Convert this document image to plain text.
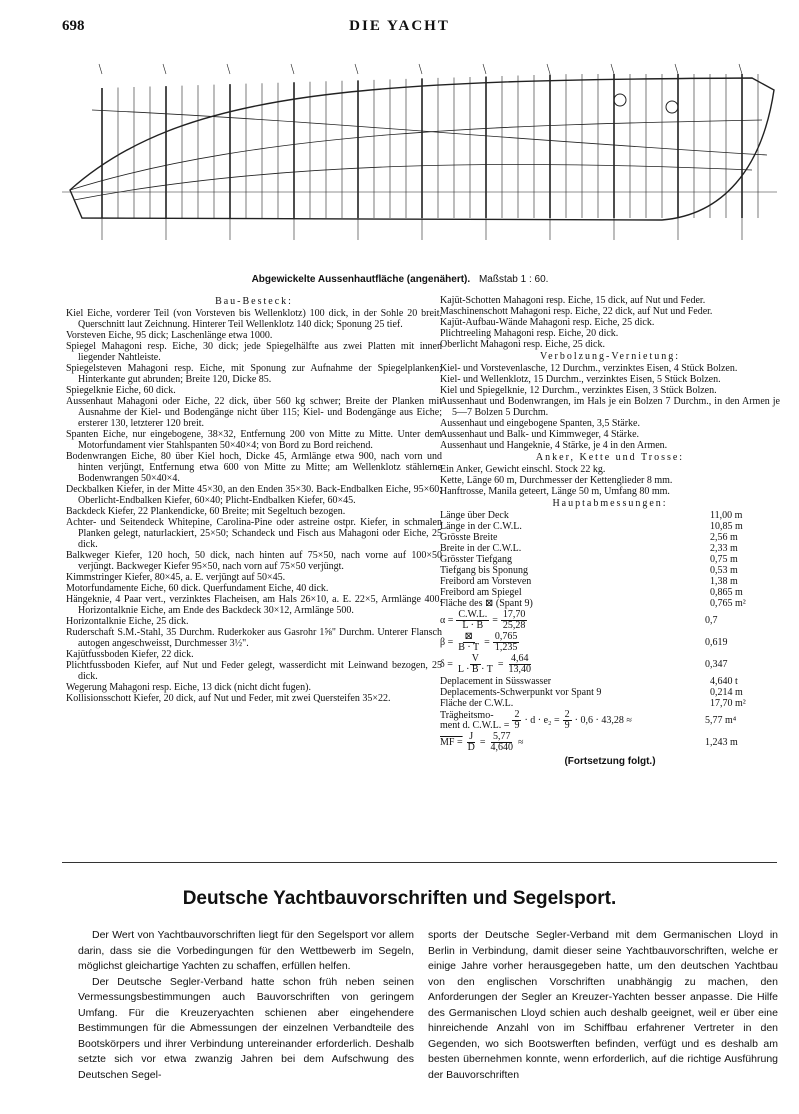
698	DIE YACHT
Abgewickelte Aussenhautfläche (angenähert). Maßstab 1 : 60.
Bau-Besteck:
Kiel Eiche, vorderer Teil (von Vorsteven bis Wellenklotz) 100 dick, in der Sohle 20 breit. Querschnitt laut Zeichnung. Hinterer Teil Wellenklotz 140 dick; Sponung 25 tief.
Vorsteven Eiche, 95 dick; Laschenlänge etwa 1000.
Spiegel Mahagoni resp. Eiche, 30 dick; jede Spiegelhälfte aus zwei Platten mit innen liegender Nahtleiste.
Spiegelsteven Mahagoni resp. Eiche, mit Sponung zur Aufnahme der Spiegelplanken; Hinterkante gut abrunden; Breite 120, Dicke 85.
Spiegelknie Eiche, 60 dick.
Aussenhaut Mahagoni oder Eiche, 22 dick, über 560 kg schwer; Breite der Planken mit Ausnahme der Kiel- und Bodengänge nicht über 115; Kiel- und Bodengänge aus Eiche; ersterer 130, letzterer 120 breit.
Spanten Eiche, nur eingebogene, 38×32, Entfernung 200 von Mitte zu Mitte. Unter dem Motorfundament vier Stahlspanten 50×40×4; von Bord zu Bord reichend.
Bodenwrangen Eiche, 80 über Kiel hoch, Dicke 45, Armlänge etwa 900, nach vorn und hinten verjüngt, Entfernung etwa 600 von Mitte zu Mitte; am Wellenklotz stählerne Bodenwrangen 50×40×4.
Deckbalken Kiefer, in der Mitte 45×30, an den Enden 35×30. Back-Endbalken Eiche, 95×60; Oberlicht-Endbalken Kiefer, 60×40; Plicht-Endbalken Kiefer, 60×45.
Backdeck Kiefer, 22 Plankendicke, 60 Breite; mit Segeltuch bezogen.
Achter- und Seitendeck Whitepine, Carolina-Pine oder astreine ostpr. Kiefer, in schmalen Planken gelegt, naturlackiert, 25×50; Schandeck und Fisch aus Mahagoni oder Eiche, 25 dick.
Balkweger Kiefer, 120 hoch, 50 dick, nach hinten auf 75×50, nach vorne auf 100×50 verjüngt. Backweger Kiefer 95×50, nach vorn auf 75×50 verjüngt.
Kimmstringer Kiefer, 80×45, a. E. verjüngt auf 50×45.
Motorfundamente Eiche, 60 dick. Querfundament Eiche, 40 dick.
Hängeknie, 4 Paar vert., verzinktes Flacheisen, am Hals 26×10, a. E. 22×5, Armlänge 400. Horizontalknie Eiche, am Ende des Backdeck 30×12, Armlänge 500.
Horizontalknie Eiche, 25 dick.
Ruderschaft S.M.-Stahl, 35 Durchm. Ruderkoker aus Gasrohr 1⅝" Durchm. Unterer Flansch autogen angeschweisst, Durchmesser 3½".
Kajütfussboden Kiefer, 22 dick.
Plichtfussboden Kiefer, auf Nut und Feder gelegt, wasserdicht mit Leinwand bezogen, 25 dick.
Wegerung Mahagoni resp. Eiche, 13 dick (nicht dicht fugen).
Kollisionsschott Kiefer, 20 dick, auf Nut und Feder, mit zwei Quersteifen 35×22.
Kajüt-Schotten Mahagoni resp. Eiche, 15 dick, auf Nut und Feder.
Maschinenschott Mahagoni resp. Eiche, 22 dick, auf Nut und Feder.
Kajüt-Aufbau-Wände Mahagoni resp. Eiche, 25 dick.
Plichtreeling Mahagoni resp. Eiche, 20 dick.
Oberlicht Mahagoni resp. Eiche, 25 dick.
Verbolzung-Vernietung:
Kiel- und Vorstevenlasche, 12 Durchm., verzinktes Eisen, 4 Stück Bolzen.
Kiel- und Wellenklotz, 15 Durchm., verzinktes Eisen, 5 Stück Bolzen.
Kiel und Spiegelknie, 12 Durchm., verzinktes Eisen, 3 Stück Bolzen.
Aussenhaut und Bodenwrangen, im Hals je ein Bolzen 7 Durchm., in den Armen je 5—7 Bolzen 5 Durchm.
Aussenhaut und eingebogene Spanten, 3,5 Stärke.
Aussenhaut und Balk- und Kimmweger, 4 Stärke.
Aussenhaut und Hangeknie, 4 Stärke, je 4 in den Armen.
Anker, Kette und Trosse:
Ein Anker, Gewicht einschl. Stock 22 kg.
Kette, Länge 60 m, Durchmesser der Kettenglieder 8 mm.
Hanftrosse, Manila geteert, Länge 50 m, Umfang 80 mm.
Hauptabmessungen:
Länge über Deck	11,00 m
Länge in der C.W.L.	10,85 m
Grösste Breite	2,56 m
Breite in der C.W.L.	2,33 m
Grösster Tiefgang	0,75 m
Tiefgang bis Sponung	0,53 m
Freibord am Vorsteven	1,38 m
Freibord am Spiegel	0,865 m
Fläche des ⊠ (Spant 9)	0,765 m²
$\alpha = \frac{C.W.L.}{L \cdot B} = \frac{17,70}{25,28}$	0,7
$\beta = \frac{⊠}{B \cdot T} = \frac{0,765}{1,235}$	0,619
$\delta = \frac{V}{L \cdot B \cdot T} = \frac{4,64}{13,40}$	0,347
Deplacement in Süsswasser	4,640 t
Deplacements-Schwerpunkt vor Spant 9	0,214 m
Fläche der C.W.L.	17,70 m²
Trägheitsmo-
ment d. C.W.L. = $\frac{2}{9} \cdot d \cdot e_2 = \frac{2}{9} \cdot 0,6 \cdot 43,28$ ≈	5,77 m⁴
MF = $\frac{J}{D} = \frac{5,77}{4,640}$ ≈	1,243 m
(Fortsetzung folgt.)
Deutsche Yachtbauvorschriften und Segelsport.

Der Wert von Yachtbauvorschriften liegt für den Segelsport vor allem darin, dass sie die Vorbedingungen für den Wettbewerb im Segeln, möglichst gleichartige Yachten zu schaffen, erfüllen helfen.

Der Deutsche Segler-Verband hatte schon früh neben seinen Vermessungsbestimmungen auch Bauvorschriften von geringem Umfang. Für die Kreuzeryachten schienen aber eingehendere Bestimmungen für die Abmessungen der einzelnen Verbandteile des Bootskörpers und ihrer Verbindung untereinander erforderlich. Deshalb setzte sich vor etwa zwanzig Jahren bei dem Aufschwung des Deutschen Segel-

sports der Deutsche Segler-Verband mit dem Germanischen Lloyd in Berlin in Verbindung, damit dieser seine Yachtbauvorschriften, welche er einige Jahre vorher herausgegeben hatte, um den deutschen Yachtbau von den englischen Vorschriften unabhängig zu machen, den Anforderungen der Segler an Kreuzer-Yachten besser anpasse. Die Hilfe des Germanischen Lloyd schien auch deshalb geeignet, weil er über eine hinreichende Anzahl von im Schiffbau erfahrener Vertreter in den Gegenden, wo sich Bootswerften befinden, verfügt und es deshalb am besten übernehmen konnte, wenn erforderlich, auf die richtige Ausführung der Bauvorschriften
